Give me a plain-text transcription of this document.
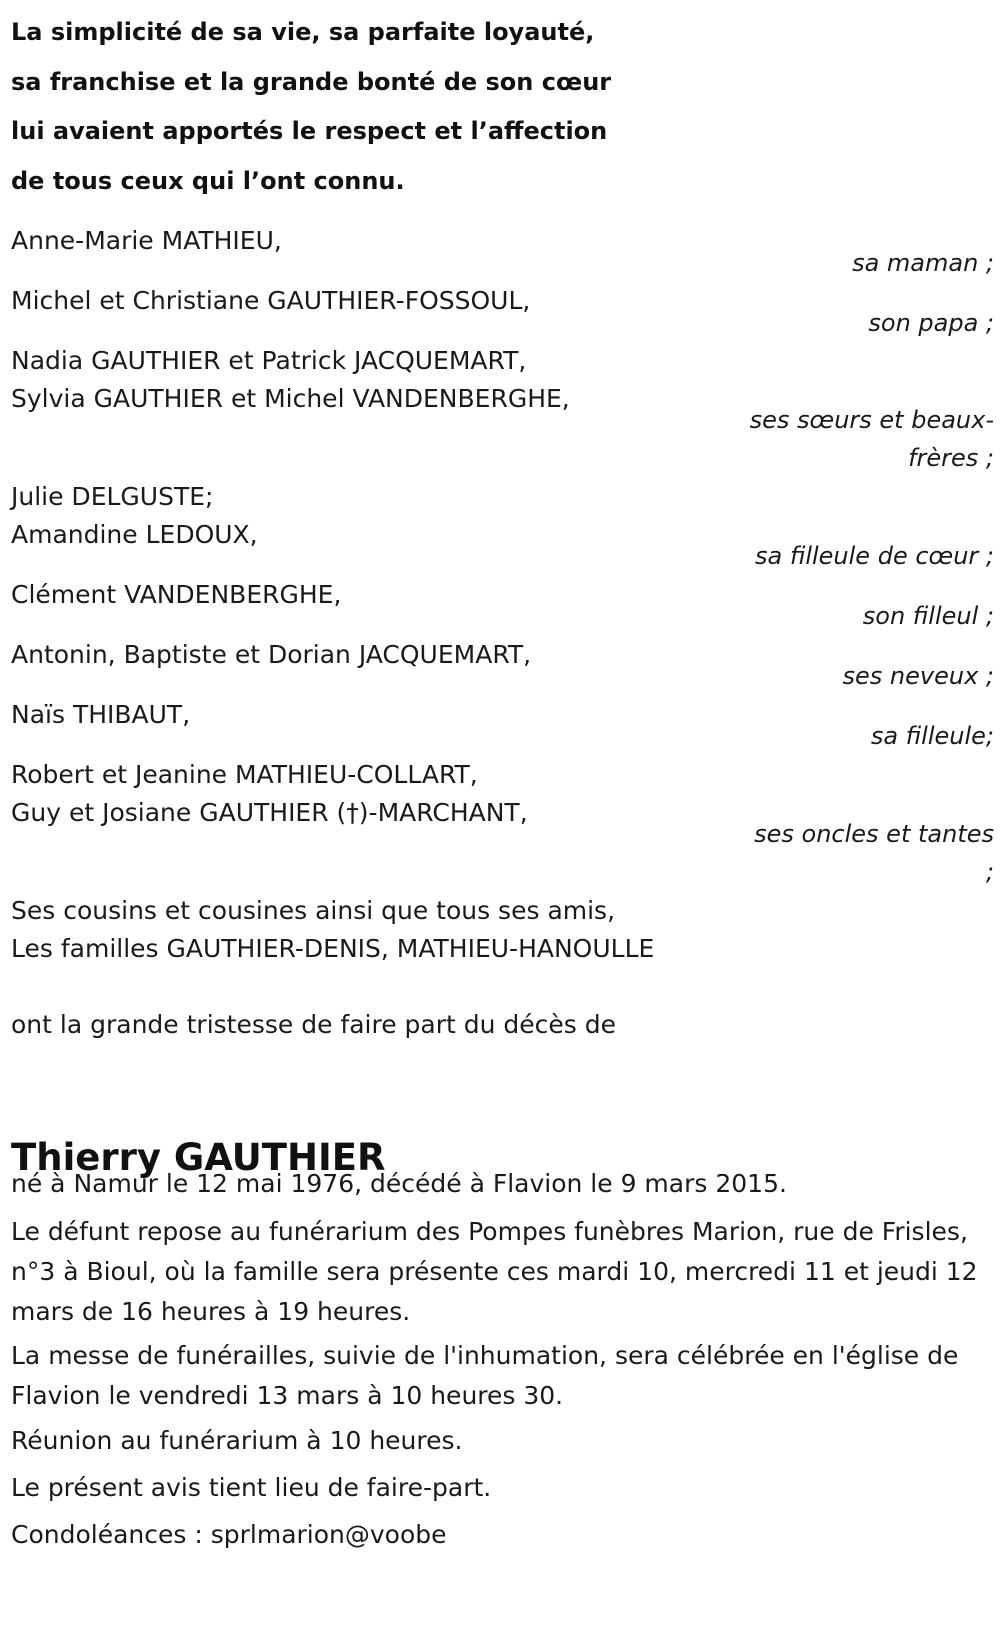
La simplicité de sa vie, sa parfaite loyauté,
sa franchise et la grande bonté de son cœur
lui avaient apportés le respect et l’affection
de tous ceux qui l’ont connu.
Anne-Marie MATHIEU,
sa maman ;
Michel et Christiane GAUTHIER-FOSSOUL,
son papa ;
Nadia GAUTHIER et Patrick JACQUEMART,
Sylvia GAUTHIER et Michel VANDENBERGHE,
ses sœurs et beaux-
frères ;
Julie DELGUSTE;
Amandine LEDOUX,
sa filleule de cœur ;
Clément VANDENBERGHE,
son filleul ;
Antonin, Baptiste et Dorian JACQUEMART,
ses neveux ;
Naïs THIBAUT,
sa filleule;
Robert et Jeanine MATHIEU-COLLART,
Guy et Josiane GAUTHIER (†)-MARCHANT,
ses oncles et tantes
;
Ses cousins et cousines ainsi que tous ses amis,
Les familles GAUTHIER-DENIS, MATHIEU-HANOULLE
ont la grande tristesse de faire part du décès de
Thierry GAUTHIER
né à Namur le 12 mai 1976, décédé à Flavion le 9 mars 2015.
Le défunt repose au funérarium des Pompes funèbres Marion, rue de Frisles, n°3 à Bioul, où la famille sera présente ces mardi 10, mercredi 11 et jeudi 12 mars de 16 heures à 19 heures.
La messe de funérailles, suivie de l'inhumation, sera célébrée en l'église de Flavion le vendredi 13 mars à 10 heures 30.
Réunion au funérarium à 10 heures.
Le présent avis tient lieu de faire-part.
Condoléances : sprlmarion@voobe
